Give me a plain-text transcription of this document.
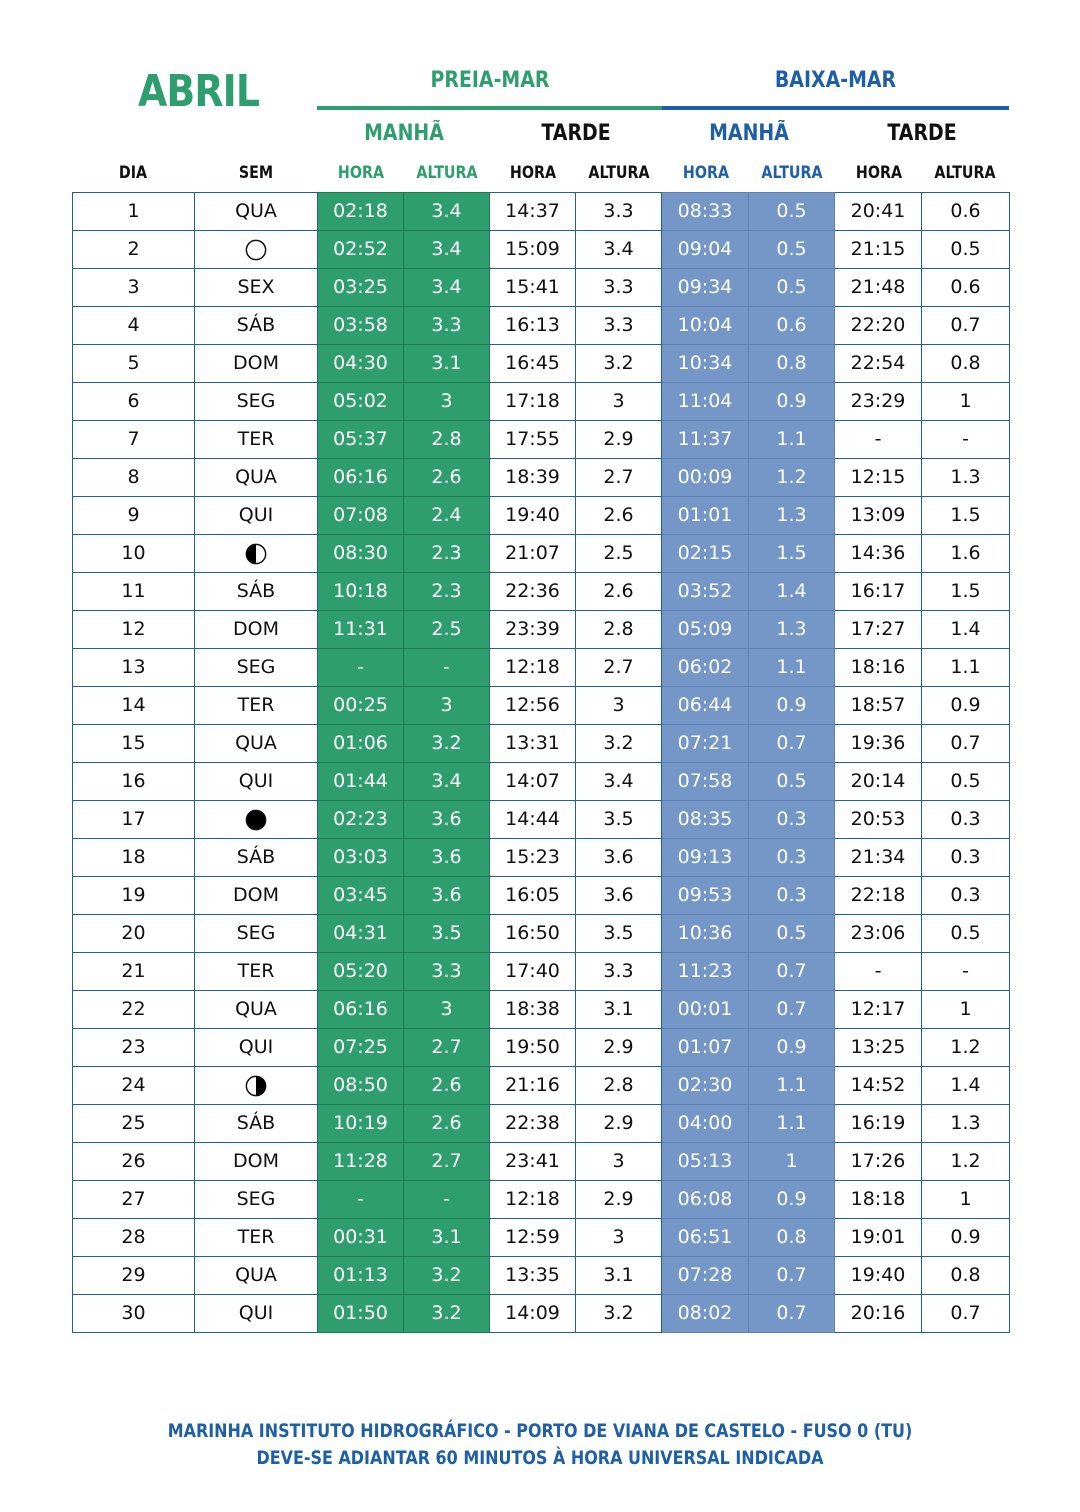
ABRIL	PREIA-MAR	BAIXA-MAR
MANHÃ	TARDE	MANHÃ	TARDE
DIA	SEM	HORA	ALTURA	HORA	ALTURA	HORA	ALTURA	HORA	ALTURA
1	QUA	02:18	3.4	14:37	3.3	08:33	0.5	20:41	0.6
2		02:52	3.4	15:09	3.4	09:04	0.5	21:15	0.5
3	SEX	03:25	3.4	15:41	3.3	09:34	0.5	21:48	0.6
4	SÁB	03:58	3.3	16:13	3.3	10:04	0.6	22:20	0.7
5	DOM	04:30	3.1	16:45	3.2	10:34	0.8	22:54	0.8
6	SEG	05:02	3	17:18	3	11:04	0.9	23:29	1
7	TER	05:37	2.8	17:55	2.9	11:37	1.1	-	-
8	QUA	06:16	2.6	18:39	2.7	00:09	1.2	12:15	1.3
9	QUI	07:08	2.4	19:40	2.6	01:01	1.3	13:09	1.5
10		08:30	2.3	21:07	2.5	02:15	1.5	14:36	1.6
11	SÁB	10:18	2.3	22:36	2.6	03:52	1.4	16:17	1.5
12	DOM	11:31	2.5	23:39	2.8	05:09	1.3	17:27	1.4
13	SEG	-	-	12:18	2.7	06:02	1.1	18:16	1.1
14	TER	00:25	3	12:56	3	06:44	0.9	18:57	0.9
15	QUA	01:06	3.2	13:31	3.2	07:21	0.7	19:36	0.7
16	QUI	01:44	3.4	14:07	3.4	07:58	0.5	20:14	0.5
17		02:23	3.6	14:44	3.5	08:35	0.3	20:53	0.3
18	SÁB	03:03	3.6	15:23	3.6	09:13	0.3	21:34	0.3
19	DOM	03:45	3.6	16:05	3.6	09:53	0.3	22:18	0.3
20	SEG	04:31	3.5	16:50	3.5	10:36	0.5	23:06	0.5
21	TER	05:20	3.3	17:40	3.3	11:23	0.7	-	-
22	QUA	06:16	3	18:38	3.1	00:01	0.7	12:17	1
23	QUI	07:25	2.7	19:50	2.9	01:07	0.9	13:25	1.2
24		08:50	2.6	21:16	2.8	02:30	1.1	14:52	1.4
25	SÁB	10:19	2.6	22:38	2.9	04:00	1.1	16:19	1.3
26	DOM	11:28	2.7	23:41	3	05:13	1	17:26	1.2
27	SEG	-	-	12:18	2.9	06:08	0.9	18:18	1
28	TER	00:31	3.1	12:59	3	06:51	0.8	19:01	0.9
29	QUA	01:13	3.2	13:35	3.1	07:28	0.7	19:40	0.8
30	QUI	01:50	3.2	14:09	3.2	08:02	0.7	20:16	0.7
MARINHA INSTITUTO HIDROGRÁFICO - PORTO DE VIANA DE CASTELO - FUSO 0 (TU)
DEVE-SE ADIANTAR 60 MINUTOS À HORA UNIVERSAL INDICADA
